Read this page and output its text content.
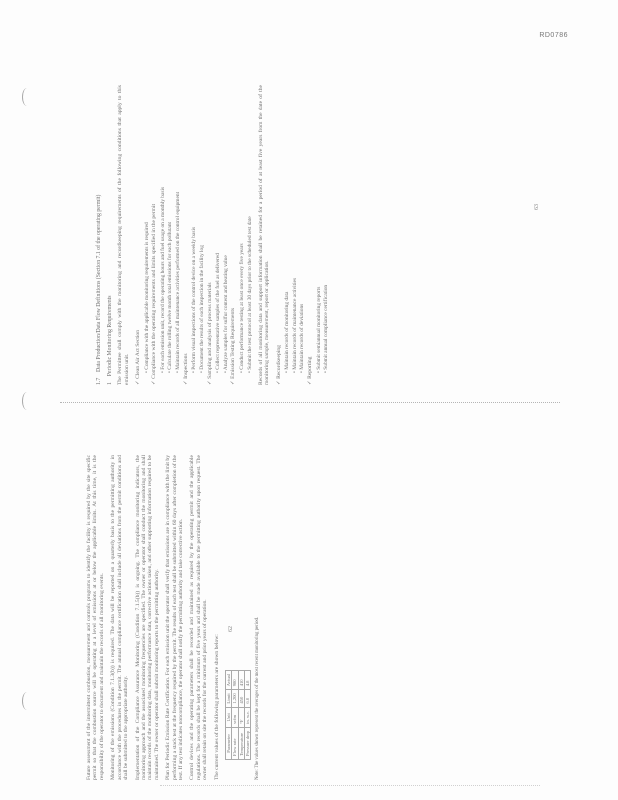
RD0786

Future assessment of the intermittent combustion, measurement and controls programs to identify the facility is required by the site specific permit so that the combustion source will be operating at a level of emissions at or below the applicable limits. At this time, it is the responsibility of the operator to document and maintain the records of all monitoring events. Monitoring of the emissions (Condition 7.1.3(b)) is required. The data will be reported on a quarterly basis to the permitting authority in accordance with the procedures in the permit. The annual compliance certification shall include all deviations from the permit conditions and shall be submitted to the appropriate authority. Implementation of the Compliance Assurance Monitoring (Condition 7.1.5(b)) is ongoing. The compliance monitoring indicators, the monitoring approach and the associated monitoring frequencies are specified. The owner or operator shall conduct the monitoring and shall maintain records of the monitoring data, monitoring performance data, corrective actions taken, and other supporting information required to be maintained. The owner or operator shall submit monitoring reports to the permitting authority. Plan for Periodic Emission Rate Certification. For each emission unit the operator shall verify that emissions are in compliance with the limit by performing a stack test at the frequency required by the permit. The results of each test shall be submitted within 60 days after completion of the test. If any test indicates noncompliance, the operator shall notify the permitting authority and take corrective action. Control devices and the operating parameters shall be recorded and maintained as required by the operating permit and the applicable regulations. The records shall be kept for a minimum of five years and shall be made available to the permitting authority upon request. The owner shall retain on site the records for the current and prior years of operation. The current values of the following parameters are shown below: Parameter	Unit	Limit	Actual
Flow rate	scfm	1,200	980
Temperature	°F	450	410
Pressure drop	in. w.c.	6.0	4.8 Note: The values shown represent the averages of the most recent monitoring period.

62
1.7    Data Production/Data Flow Definitions (Section 7.1 of the operating permit)
1    Periodic Monitoring Requirements The Permittee shall comply with the monitoring and recordkeeping requirements of the following conditions that apply to this emission unit. ✓ Clean Air Act Section • Compliance with the applicable monitoring requirements is required
✓ Compliance with the operating requirements and limits specified in the permit • For each emission unit, record the operating hours and fuel usage on a monthly basis
• Calculate the rolling twelve month total emissions for each pollutant
• Maintain records of all maintenance activities performed on the control equipment
✓ Inspections • Perform visual inspections of the control device on a weekly basis
• Document the results of each inspection in the facility log
✓ Sampling and analysis of process materials • Collect representative samples of the fuel as delivered
• Analyze samples for sulfur content and heating value
✓ Emission Testing Requirements • Conduct performance testing at least once every five years
• Submit the test protocol at least 30 days prior to the scheduled test date Records of all monitoring data and support information shall be retained for a period of at least five years from the date of the monitoring sample, measurement, report or application. ✓ Recordkeeping • Maintain records of monitoring data
• Maintain records of maintenance activities
• Maintain records of deviations
✓ Reporting • Submit semiannual monitoring reports
• Submit annual compliance certification
63
